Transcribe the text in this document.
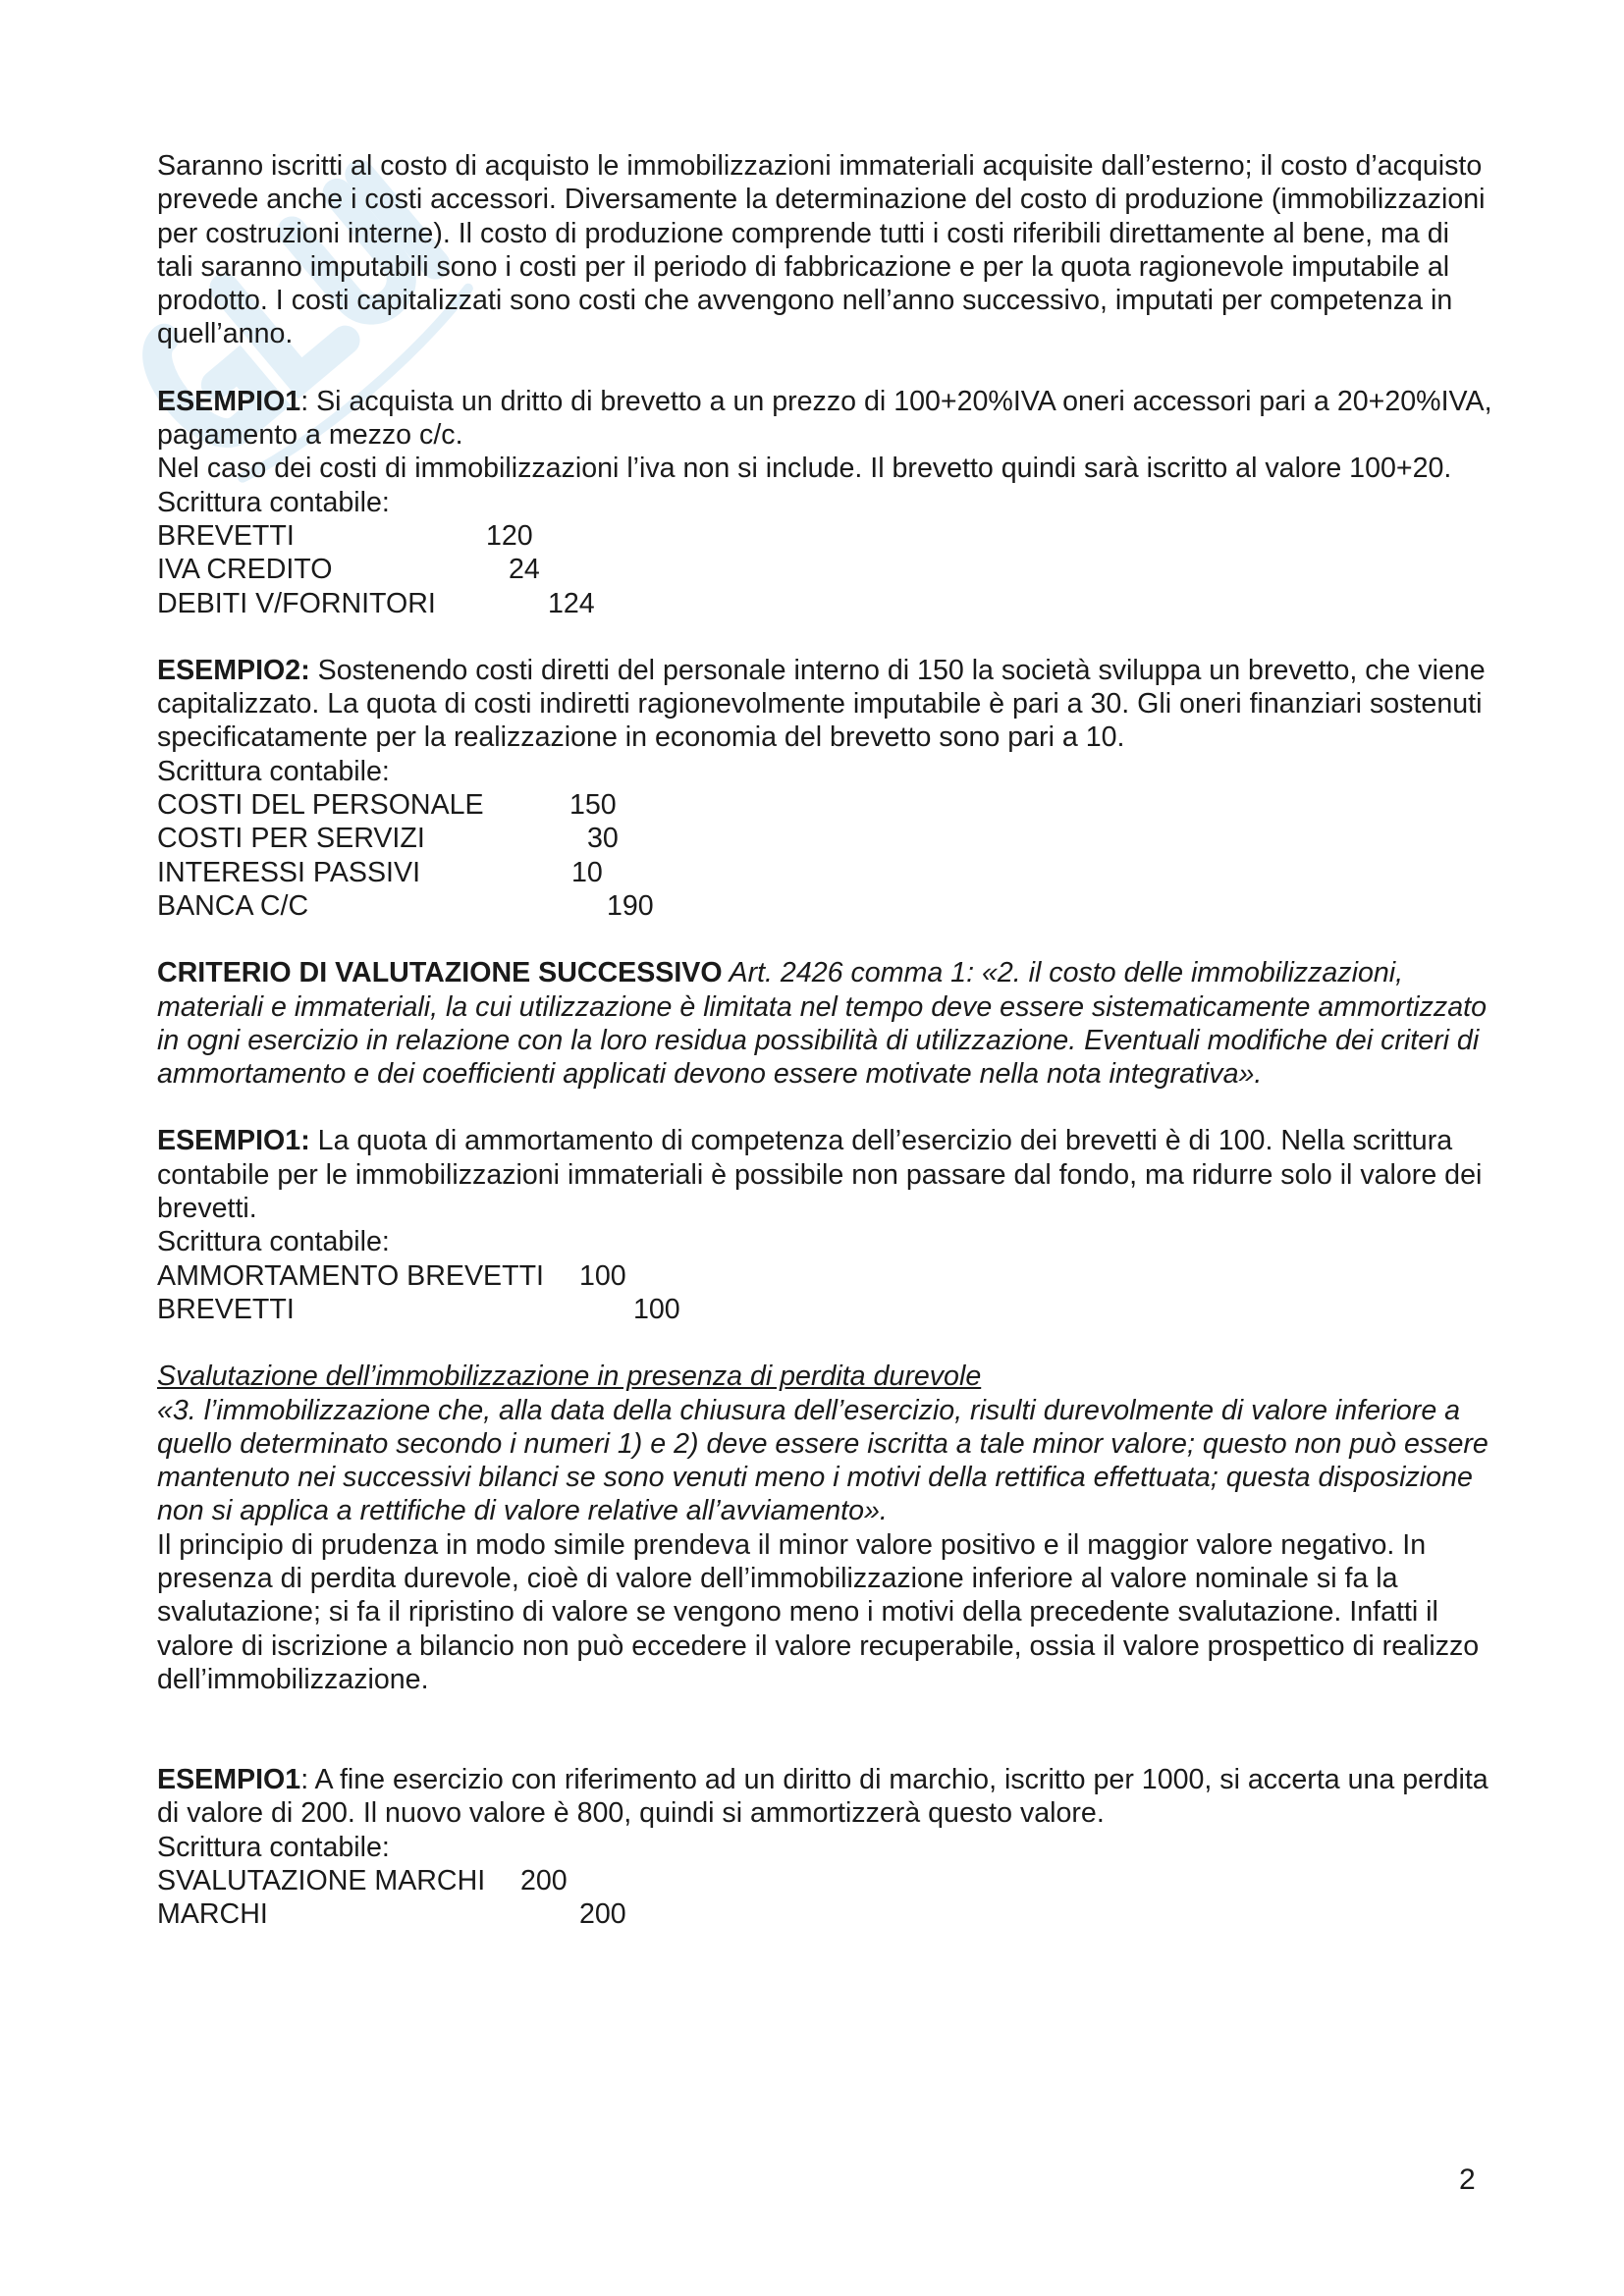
Saranno iscritti al costo di acquisto le immobilizzazioni immateriali acquisite dall’esterno; il costo d’acquisto prevede anche i costi accessori. Diversamente la determinazione del costo di produzione (immobilizzazioni per costruzioni interne). Il costo di produzione comprende tutti i costi riferibili direttamente al bene, ma di tali saranno imputabili sono i costi per il periodo di fabbricazione e per la quota ragionevole imputabile al prodotto. I costi capitalizzati sono costi che avvengono nell’anno successivo, imputati per competenza in quell’anno.

ESEMPIO1: Si acquista un dritto di brevetto a un prezzo di 100+20%IVA oneri accessori pari a 20+20%IVA, pagamento a mezzo c/c.

Nel caso dei costi di immobilizzazioni l’iva non si include. Il brevetto quindi sarà iscritto al valore 100+20.

Scrittura contabile:

BREVETTI	120
IVA CREDITO	24
DEBITI V/FORNITORI	124

ESEMPIO2: Sostenendo costi diretti del personale interno di 150 la società sviluppa un brevetto, che viene capitalizzato. La quota di costi indiretti ragionevolmente imputabile è pari a 30. Gli oneri finanziari sostenuti specificatamente per la realizzazione in economia del brevetto sono pari a 10.

Scrittura contabile:

COSTI DEL PERSONALE	150
COSTI PER SERVIZI	30
INTERESSI PASSIVI	10
BANCA C/C	190

CRITERIO DI VALUTAZIONE SUCCESSIVO Art. 2426 comma 1: «2. il costo delle immobilizzazioni, materiali e immateriali, la cui utilizzazione è limitata nel tempo deve essere sistematicamente ammortizzato in ogni esercizio in relazione con la loro residua possibilità di utilizzazione. Eventuali modifiche dei criteri di ammortamento e dei coefficienti applicati devono essere motivate nella nota integrativa».

ESEMPIO1: La quota di ammortamento di competenza dell’esercizio dei brevetti è di 100. Nella scrittura contabile per le immobilizzazioni immateriali è possibile non passare dal fondo, ma ridurre solo il valore dei brevetti.

Scrittura contabile:

AMMORTAMENTO BREVETTI 100
BREVETTI	100

Svalutazione dell’immobilizzazione in presenza di perdita durevole

«3. l’immobilizzazione che, alla data della chiusura dell’esercizio, risulti durevolmente di valore inferiore a quello determinato secondo i numeri 1) e 2) deve essere iscritta a tale minor valore; questo non può essere mantenuto nei successivi bilanci se sono venuti meno i motivi della rettifica effettuata; questa disposizione non si applica a rettifiche di valore relative all’avviamento».

Il principio di prudenza in modo simile prendeva il minor valore positivo e il maggior valore negativo. In presenza di perdita durevole, cioè di valore dell’immobilizzazione inferiore al valore nominale si fa la svalutazione; si fa il ripristino di valore se vengono meno i motivi della precedente svalutazione. Infatti il valore di iscrizione a bilancio non può eccedere il valore recuperabile, ossia il valore prospettico di realizzo dell’immobilizzazione.

ESEMPIO1: A fine esercizio con riferimento ad un diritto di marchio, iscritto per 1000, si accerta una perdita di valore di 200. Il nuovo valore è 800, quindi si ammortizzerà questo valore.

Scrittura contabile:

SVALUTAZIONE MARCHI 200
MARCHI	200
2
